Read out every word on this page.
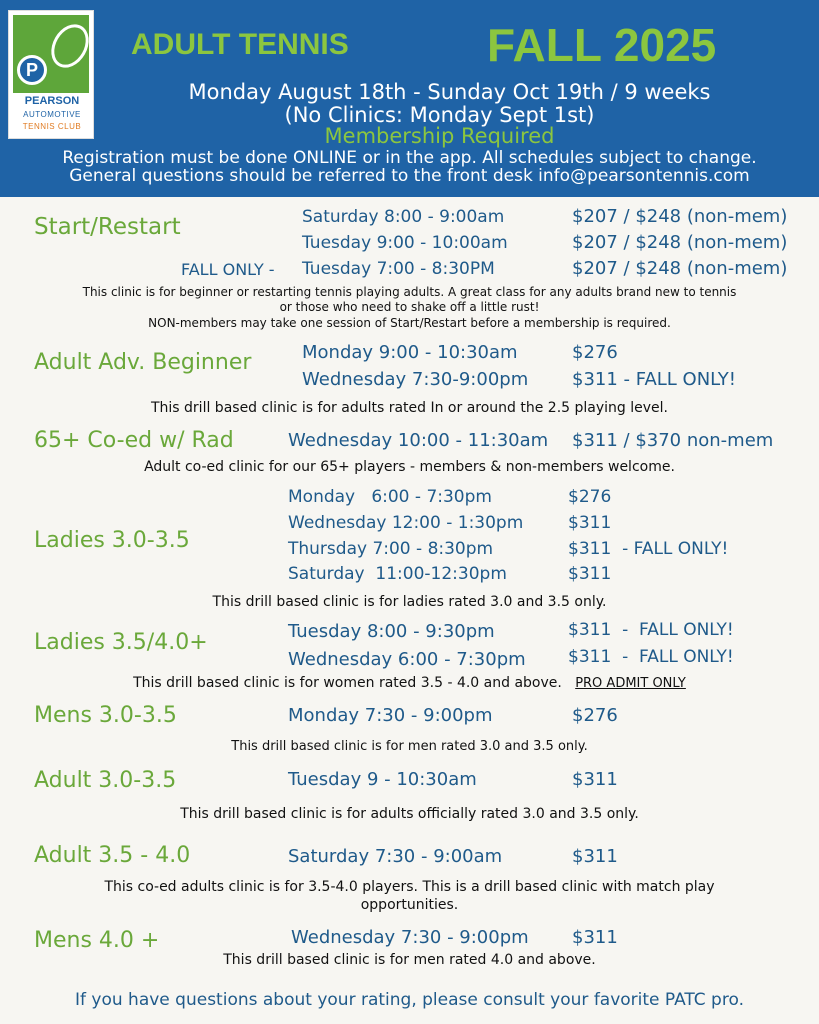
P
PEARSON
AUTOMOTIVE
TENNIS CLUB
ADULT TENNIS	FALL 2025
Monday August 18th - Sunday Oct 19th / 9 weeks
(No Clinics: Monday Sept 1st)
Membership Required
Registration must be done ONLINE or in the app. All schedules subject to change.
General questions should be referred to the front desk info@pearsontennis.com
Start/Restart	Saturday 8:00 - 9:00am	$207 / $248 (non-mem)
Tuesday 9:00 - 10:00am	$207 / $248 (non-mem)
FALL ONLY - Tuesday 7:00 - 8:30PM	$207 / $248 (non-mem)
This clinic is for beginner or restarting tennis playing adults. A great class for any adults brand new to tennis
or those who need to shake off a little rust!
NON-members may take one session of Start/Restart before a membership is required.
Adult Adv. Beginner	Monday 9:00 - 10:30am	$276
Wednesday 7:30-9:00pm $311 - FALL ONLY!
This drill based clinic is for adults rated In or around the 2.5 playing level.
65+ Co-ed w/ Rad	Wednesday 10:00 - 11:30am $311 / $370 non-mem
Adult co-ed clinic for our 65+ players - members & non-members welcome.
Ladies 3.0-3.5
Monday   6:00 - 7:30pm	$276
Wednesday 12:00 - 1:30pm	$311
Thursday 7:00 - 8:30pm	$311  - FALL ONLY!
Saturday  11:00-12:30pm	$311
This drill based clinic is for ladies rated 3.0 and 3.5 only.
Ladies 3.5/4.0+	Tuesday 8:00 - 9:30pm	$311  -  FALL ONLY!
Wednesday 6:00 - 7:30pm $311  -  FALL ONLY!
This drill based clinic is for women rated 3.5 - 4.0 and above. PRO ADMIT ONLY
Mens 3.0-3.5	Monday 7:30 - 9:00pm	$276
This drill based clinic is for men rated 3.0 and 3.5 only.
Adult 3.0-3.5	Tuesday 9 - 10:30am	$311
This drill based clinic is for adults officially rated 3.0 and 3.5 only.
Adult 3.5 - 4.0	Saturday 7:30 - 9:00am	$311
This co-ed adults clinic is for 3.5-4.0 players. This is a drill based clinic with match play
opportunities.
Mens 4.0 +	Wednesday 7:30 - 9:00pm $311
This drill based clinic is for men rated 4.0 and above.
If you have questions about your rating, please consult your favorite PATC pro.
